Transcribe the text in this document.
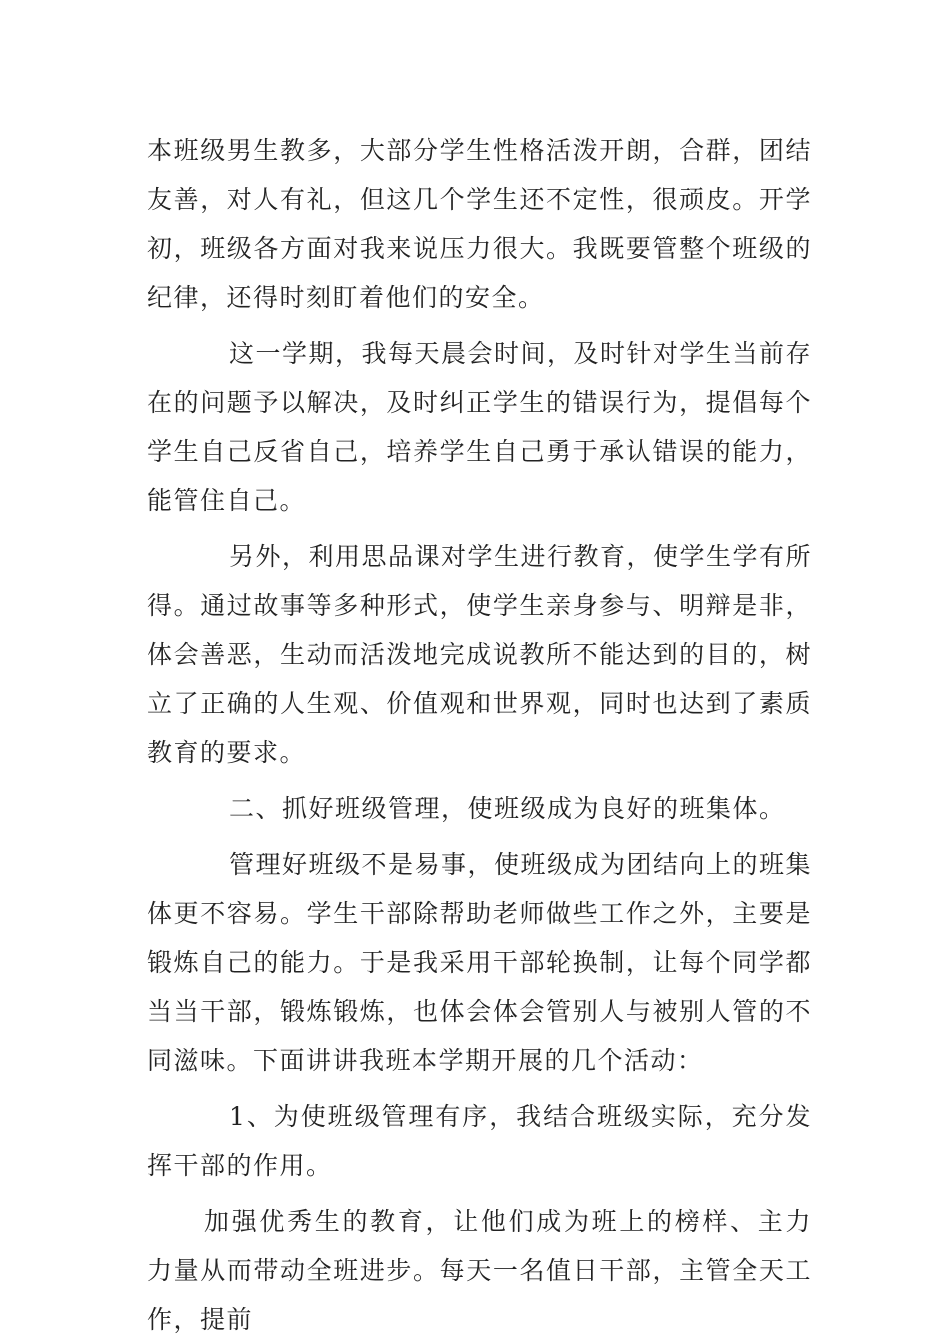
本班级男生教多，大部分学生性格活泼开朗，合群，团结友善，对人有礼，但这几个学生还不定性，很顽皮。开学初，班级各方面对我来说压力很大。我既要管整个班级的纪律，还得时刻盯着他们的安全。

这一学期，我每天晨会时间，及时针对学生当前存在的问题予以解决，及时纠正学生的错误行为，提倡每个学生自己反省自己，培养学生自己勇于承认错误的能力，能管住自己。

另外，利用思品课对学生进行教育，使学生学有所得。通过故事等多种形式，使学生亲身参与、明辩是非，体会善恶，生动而活泼地完成说教所不能达到的目的，树立了正确的人生观、价值观和世界观，同时也达到了素质教育的要求。

二、抓好班级管理，使班级成为良好的班集体。

管理好班级不是易事，使班级成为团结向上的班集体更不容易。学生干部除帮助老师做些工作之外，主要是锻炼自己的能力。于是我采用干部轮换制，让每个同学都当当干部，锻炼锻炼，也体会体会管别人与被别人管的不同滋味。下面讲讲我班本学期开展的几个活动：

1、为使班级管理有序，我结合班级实际，充分发挥干部的作用。

加强优秀生的教育，让他们成为班上的榜样、主力力量从而带动全班进步。每天一名值日干部，主管全天工作，提前
